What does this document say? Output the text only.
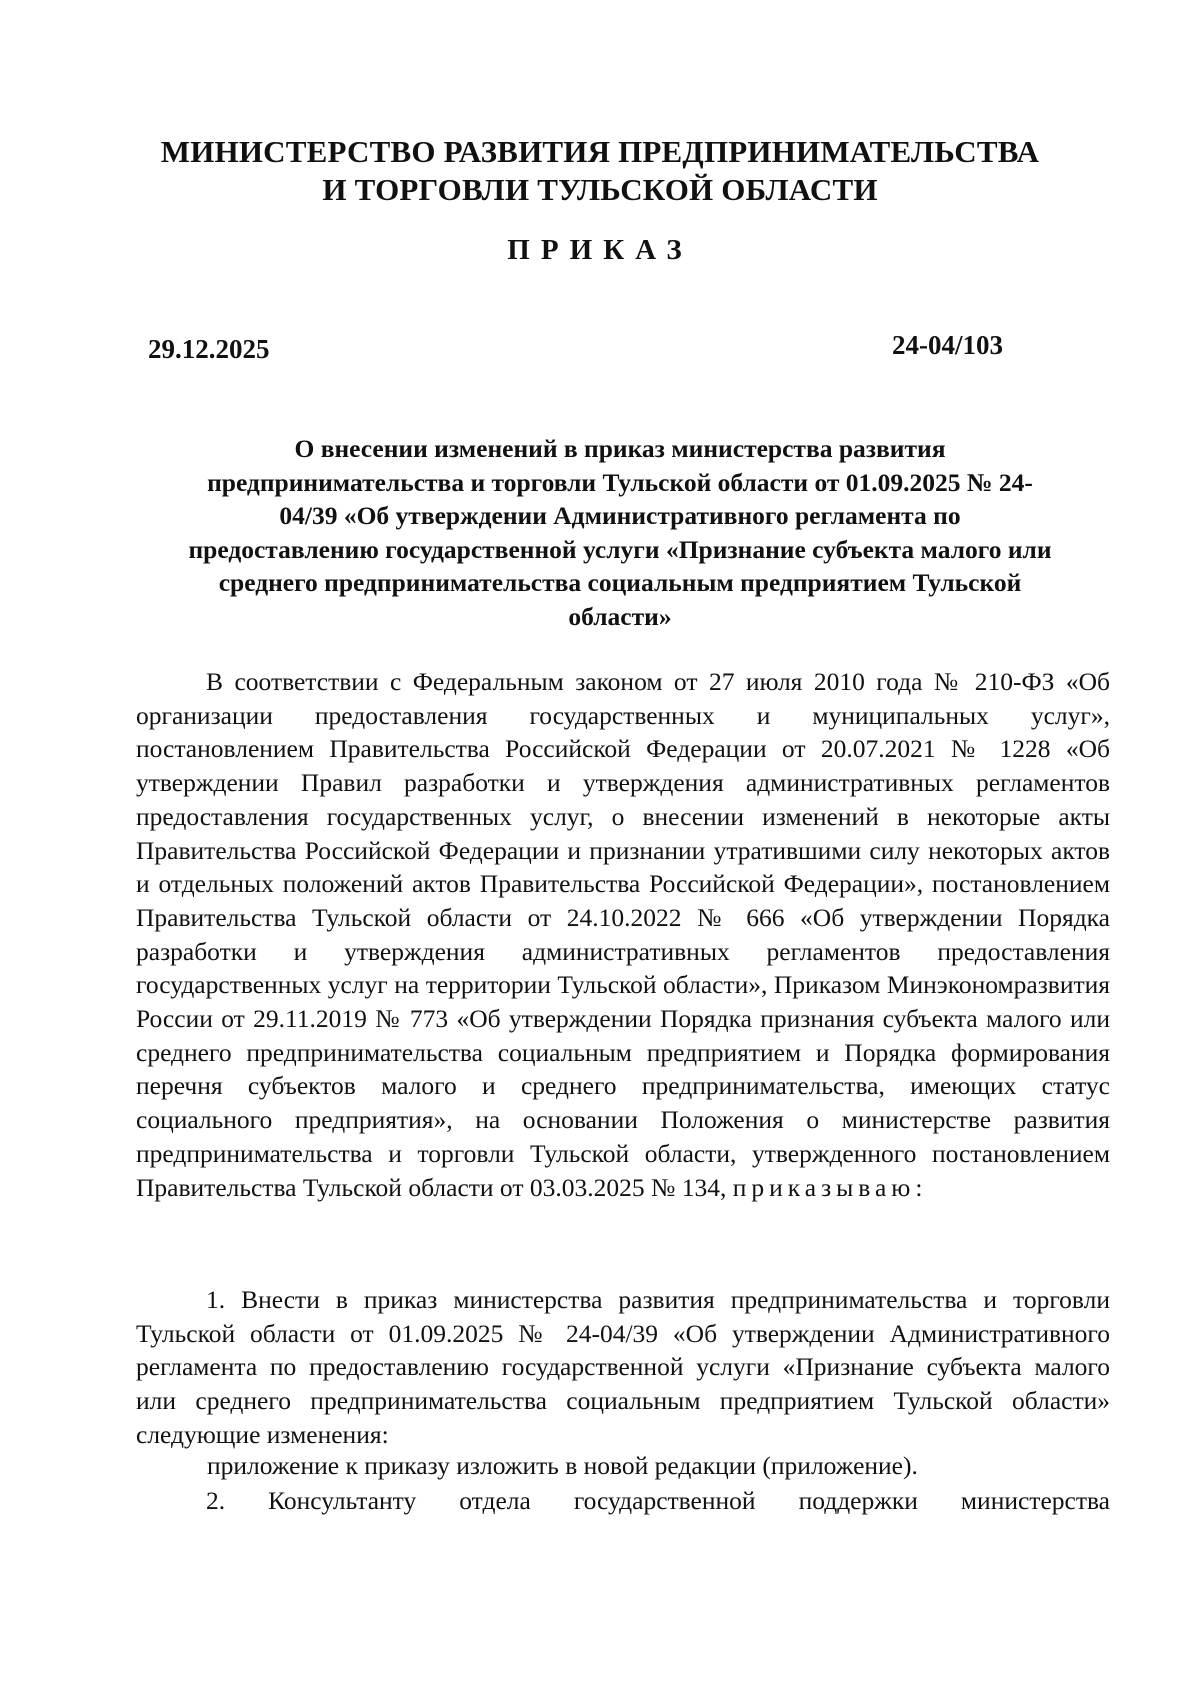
МИНИСТЕРСТВО РАЗВИТИЯ ПРЕДПРИНИМАТЕЛЬСТВА
И ТОРГОВЛИ ТУЛЬСКОЙ ОБЛАСТИ
ПРИКАЗ
29.12.2025	24-04/103
О внесении изменений в приказ министерства развития
предпринимательства и торговли Тульской области от 01.09.2025 № 24-
04/39 «Об утверждении Административного регламента по
предоставлению государственной услуги «Признание субъекта малого или
среднего предпринимательства социальным предприятием Тульской
области»

В соответствии с Федеральным законом от 27 июля 2010 года № 210-ФЗ «Об организации предоставления государственных и муниципальных услуг», постановлением Правительства Российской Федерации от 20.07.2021 № 1228 «Об утверждении Правил разработки и утверждения административных регламентов предоставления государственных услуг, о внесении изменений в некоторые акты Правительства Российской Федерации и признании утратившими силу некоторых актов и отдельных положений актов Правительства Российской Федерации», постановлением Правительства Тульской области от 24.10.2022 № 666 «Об утверждении Порядка разработки и утверждения административных регламентов предоставления государственных услуг на территории Тульской области», Приказом Минэкономразвития России от 29.11.2019 № 773 «Об утверждении Порядка признания субъекта малого или среднего предпринимательства социальным предприятием и Порядка формирования перечня субъектов малого и среднего предпринимательства, имеющих статус социального предприятия», на основании Положения о министерстве развития предпринимательства и торговли Тульской области, утвержденного постановлением Правительства Тульской области от 03.03.2025 № 134, приказываю:

1. Внести в приказ министерства развития предпринимательства и торговли Тульской области от 01.09.2025 № 24-04/39 «Об утверждении Административного регламента по предоставлению государственной услуги «Признание субъекта малого или среднего предпринимательства социальным предприятием Тульской области» следующие изменения:

приложение к приказу изложить в новой редакции (приложение).

2. Консультанту отдела государственной поддержки министерства
